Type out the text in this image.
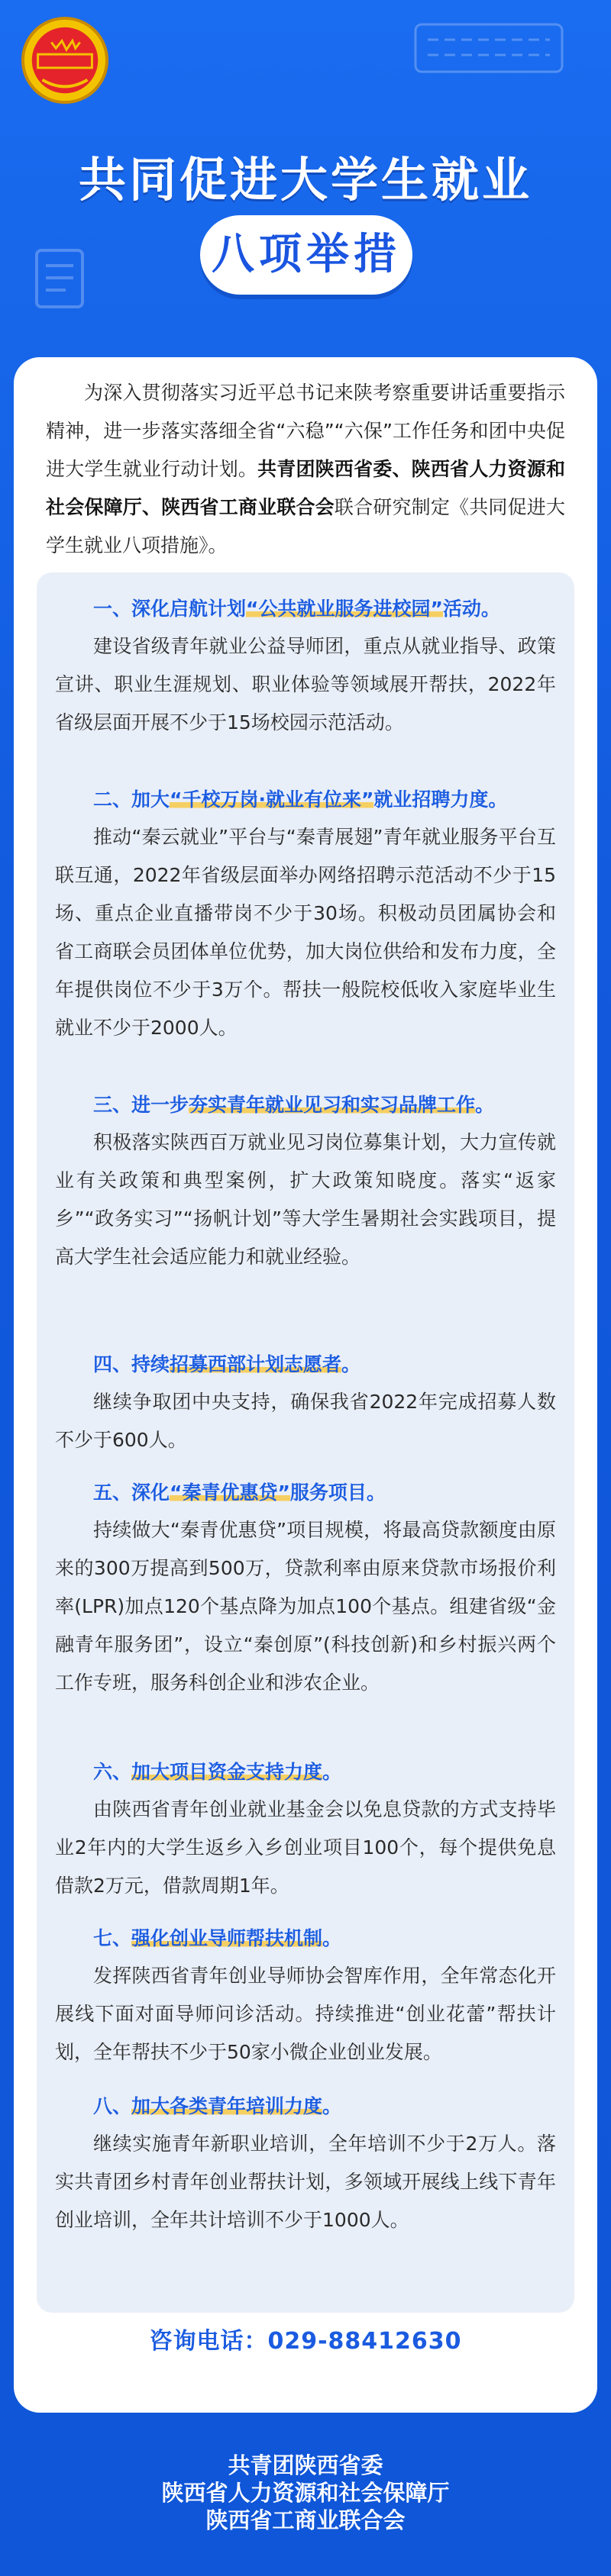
共同促进大学生就业
八项举措
为深入贯彻落实习近平总书记来陕考察重要讲话重要指示精神，进一步落实落细全省“六稳”“六保”工作任务和团中央促进大学生就业行动计划。共青团陕西省委、陕西省人力资源和社会保障厅、陕西省工商业联合会联合研究制定《共同促进大学生就业八项措施》。
一、深化启航计划“公共就业服务进校园”活动。
建设省级青年就业公益导师团，重点从就业指导、政策宣讲、职业生涯规划、职业体验等领域展开帮扶，2022年省级层面开展不少于15场校园示范活动。
二、加大“千校万岗·就业有位来”就业招聘力度。
推动“秦云就业”平台与“秦青展翅”青年就业服务平台互联互通，2022年省级层面举办网络招聘示范活动不少于15场、重点企业直播带岗不少于30场。积极动员团属协会和省工商联会员团体单位优势，加大岗位供给和发布力度，全年提供岗位不少于3万个。帮扶一般院校低收入家庭毕业生就业不少于2000人。
三、进一步夯实青年就业见习和实习品牌工作。
积极落实陕西百万就业见习岗位募集计划，大力宣传就业有关政策和典型案例，扩大政策知晓度。落实“返家乡”“政务实习”“扬帆计划”等大学生暑期社会实践项目，提高大学生社会适应能力和就业经验。
四、持续招募西部计划志愿者。
继续争取团中央支持，确保我省2022年完成招募人数不少于600人。
五、深化“秦青优惠贷”服务项目。
持续做大“秦青优惠贷”项目规模，将最高贷款额度由原来的300万提高到500万，贷款利率由原来贷款市场报价利率(LPR)加点120个基点降为加点100个基点。组建省级“金融青年服务团”，设立“秦创原”(科技创新)和乡村振兴两个工作专班，服务科创企业和涉农企业。
六、加大项目资金支持力度。
由陕西省青年创业就业基金会以免息贷款的方式支持毕业2年内的大学生返乡入乡创业项目100个，每个提供免息借款2万元，借款周期1年。
七、强化创业导师帮扶机制。
发挥陕西省青年创业导师协会智库作用，全年常态化开展线下面对面导师问诊活动。持续推进“创业花蕾”帮扶计划，全年帮扶不少于50家小微企业创业发展。
八、加大各类青年培训力度。
继续实施青年新职业培训，全年培训不少于2万人。落实共青团乡村青年创业帮扶计划，多领域开展线上线下青年创业培训，全年共计培训不少于1000人。
咨询电话：029-88412630
共青团陕西省委
陕西省人力资源和社会保障厅
陕西省工商业联合会
